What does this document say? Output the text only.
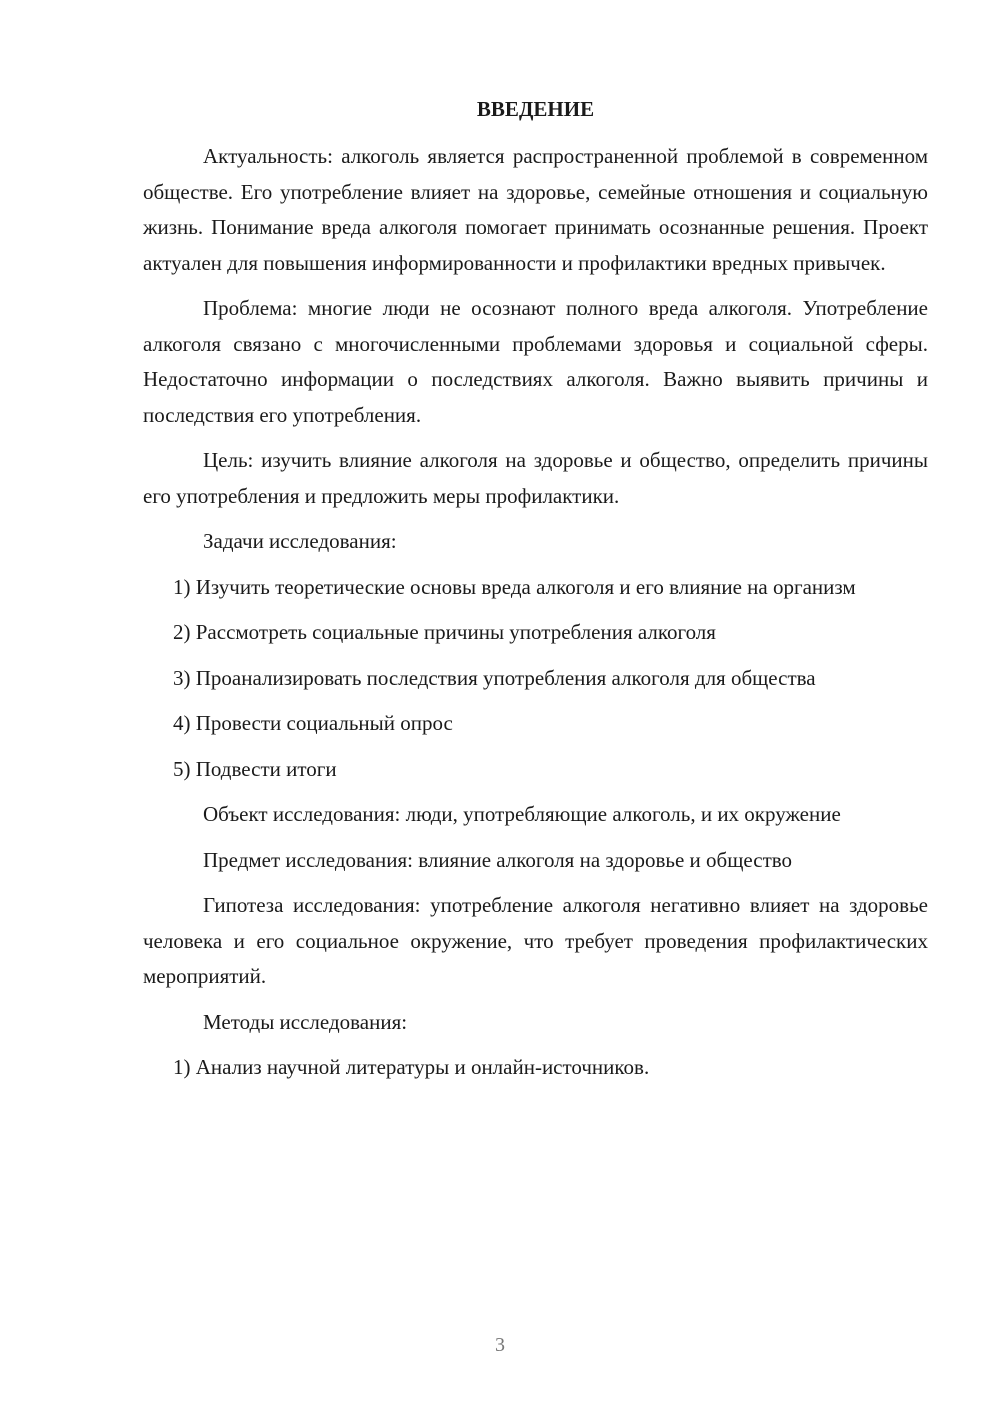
ВВЕДЕНИЕ

Актуальность: алкоголь является распространенной проблемой в современном обществе. Его употребление влияет на здоровье, семейные отношения и социальную жизнь. Понимание вреда алкоголя помогает принимать осознанные решения. Проект актуален для повышения информированности и профилактики вредных привычек.

Проблема: многие люди не осознают полного вреда алкоголя. Употребление алкоголя связано с многочисленными проблемами здоровья и социальной сферы. Недостаточно информации о последствиях алкоголя. Важно выявить причины и последствия его употребления.

Цель: изучить влияние алкоголя на здоровье и общество, определить причины его употребления и предложить меры профилактики.

Задачи исследования:

1) Изучить теоретические основы вреда алкоголя и его влияние на организм

2) Рассмотреть социальные причины употребления алкоголя

3) Проанализировать последствия употребления алкоголя для общества

4) Провести социальный опрос

5) Подвести итоги

Объект исследования: люди, употребляющие алкоголь, и их окружение

Предмет исследования: влияние алкоголя на здоровье и общество

Гипотеза исследования: употребление алкоголя негативно влияет на здоровье человека и его социальное окружение, что требует проведения профилактических мероприятий.

Методы исследования:

1) Анализ научной литературы и онлайн-источников.

3
